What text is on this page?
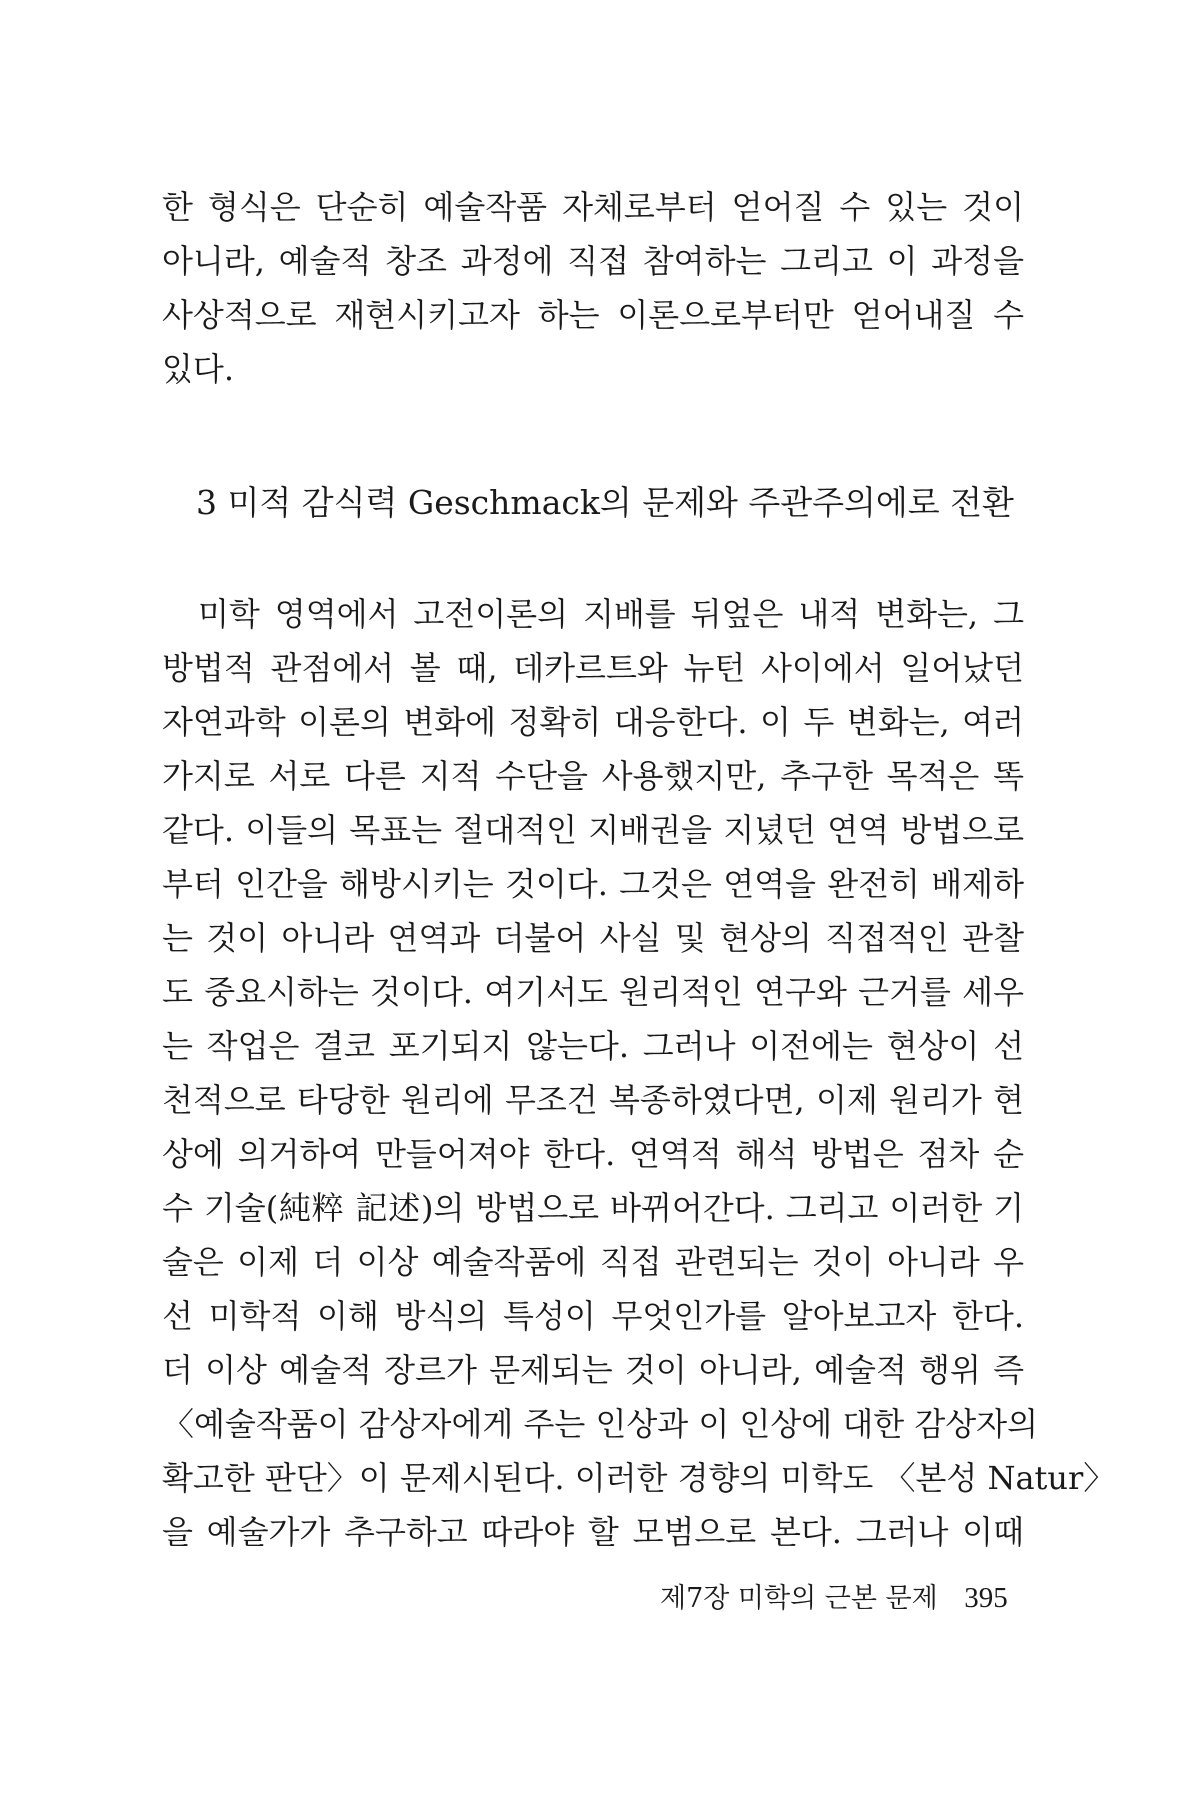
한 형식은 단순히 예술작품 자체로부터 얻어질 수 있는 것이
아니라, 예술적 창조 과정에 직접 참여하는 그리고 이 과정을
사상적으로 재현시키고자 하는 이론으로부터만 얻어내질 수
있다.
3 미적 감식력 Geschmack의 문제와 주관주의에로 전환
미학 영역에서 고전이론의 지배를 뒤엎은 내적 변화는, 그
방법적 관점에서 볼 때, 데카르트와 뉴턴 사이에서 일어났던
자연과학 이론의 변화에 정확히 대응한다. 이 두 변화는, 여러
가지로 서로 다른 지적 수단을 사용했지만, 추구한 목적은 똑
같다. 이들의 목표는 절대적인 지배권을 지녔던 연역 방법으로
부터 인간을 해방시키는 것이다. 그것은 연역을 완전히 배제하
는 것이 아니라 연역과 더불어 사실 및 현상의 직접적인 관찰
도 중요시하는 것이다. 여기서도 원리적인 연구와 근거를 세우
는 작업은 결코 포기되지 않는다. 그러나 이전에는 현상이 선
천적으로 타당한 원리에 무조건 복종하였다면, 이제 원리가 현
상에 의거하여 만들어져야 한다. 연역적 해석 방법은 점차 순
수 기술(純粹 記述)의 방법으로 바뀌어간다. 그리고 이러한 기
술은 이제 더 이상 예술작품에 직접 관련되는 것이 아니라 우
선 미학적 이해 방식의 특성이 무엇인가를 알아보고자 한다.
더 이상 예술적 장르가 문제되는 것이 아니라, 예술적 행위 즉
〈예술작품이 감상자에게 주는 인상과 이 인상에 대한 감상자의
확고한 판단〉이 문제시된다. 이러한 경향의 미학도 〈본성 Natur〉
을 예술가가 추구하고 따라야 할 모범으로 본다. 그러나 이때
제7장 미학의 근본 문제 395
